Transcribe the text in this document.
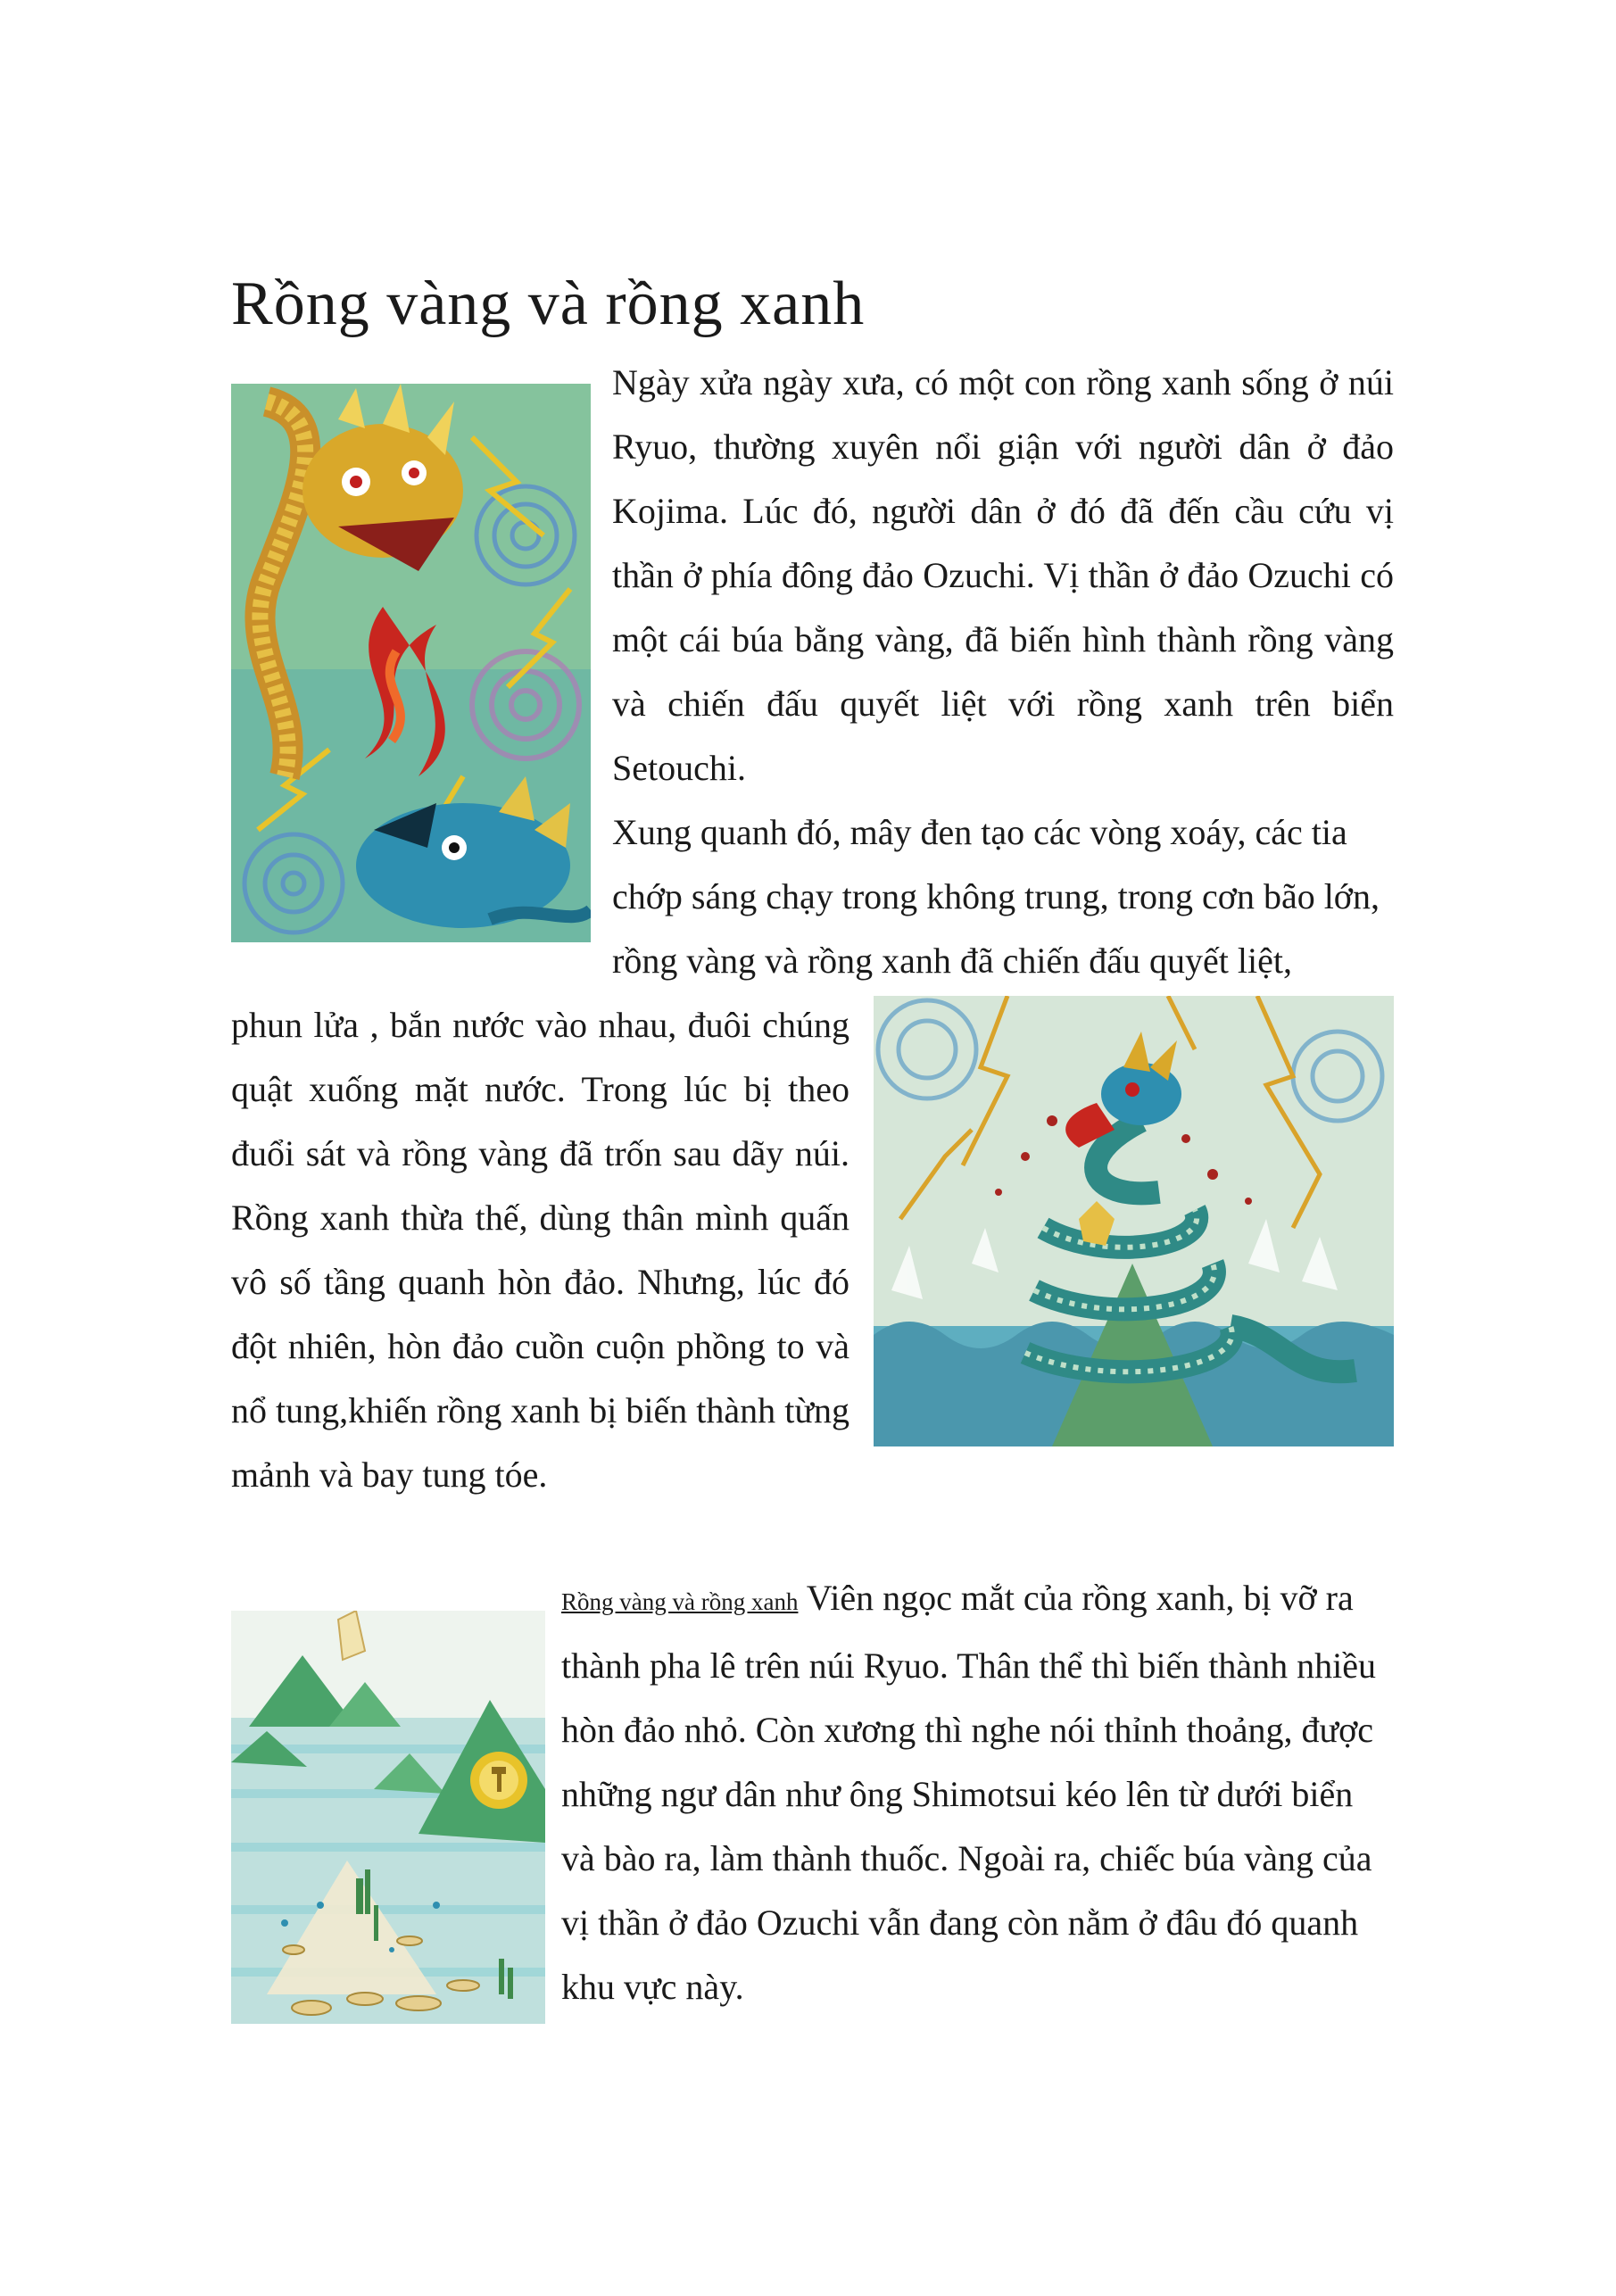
Rồng vàng và rồng xanh

Ngày xửa ngày xưa, có một con rồng xanh sống ở núi Ryuo, thường xuyên nổi giận với người dân ở đảo Kojima. Lúc đó, người dân ở đó đã đến cầu cứu vị thần ở phía đông đảo Ozuchi. Vị thần ở đảo Ozuchi có một cái búa bằng vàng, đã biến hình thành rồng vàng và chiến đấu quyết liệt với rồng xanh trên biển Setouchi.

Xung quanh đó, mây đen tạo các vòng xoáy, các tia chớp sáng chạy trong không trung, trong cơn bão lớn, rồng vàng và rồng xanh đã chiến đấu quyết liệt,

phun lửa , bắn nước vào nhau, đuôi chúng quật xuống mặt nước. Trong lúc bị theo đuổi sát và rồng vàng đã trốn sau dãy núi. Rồng xanh thừa thế, dùng thân mình quấn vô số tầng quanh hòn đảo. Nhưng, lúc đó đột nhiên, hòn đảo cuồn cuộn phồng to và nổ tung,khiến rồng xanh bị biến thành từng mảnh và bay tung tóe.

Rồng vàng và rồng xanh Viên ngọc mắt của rồng xanh, bị vỡ ra thành pha lê trên núi Ryuo. Thân thể thì biến thành nhiều hòn đảo nhỏ. Còn xương thì nghe nói thỉnh thoảng, được những ngư dân như ông Shimotsui kéo lên từ dưới biển và bào ra, làm thành thuốc. Ngoài ra, chiếc búa vàng của vị thần ở đảo Ozuchi vẫn đang còn nằm ở đâu đó quanh khu vực này.
